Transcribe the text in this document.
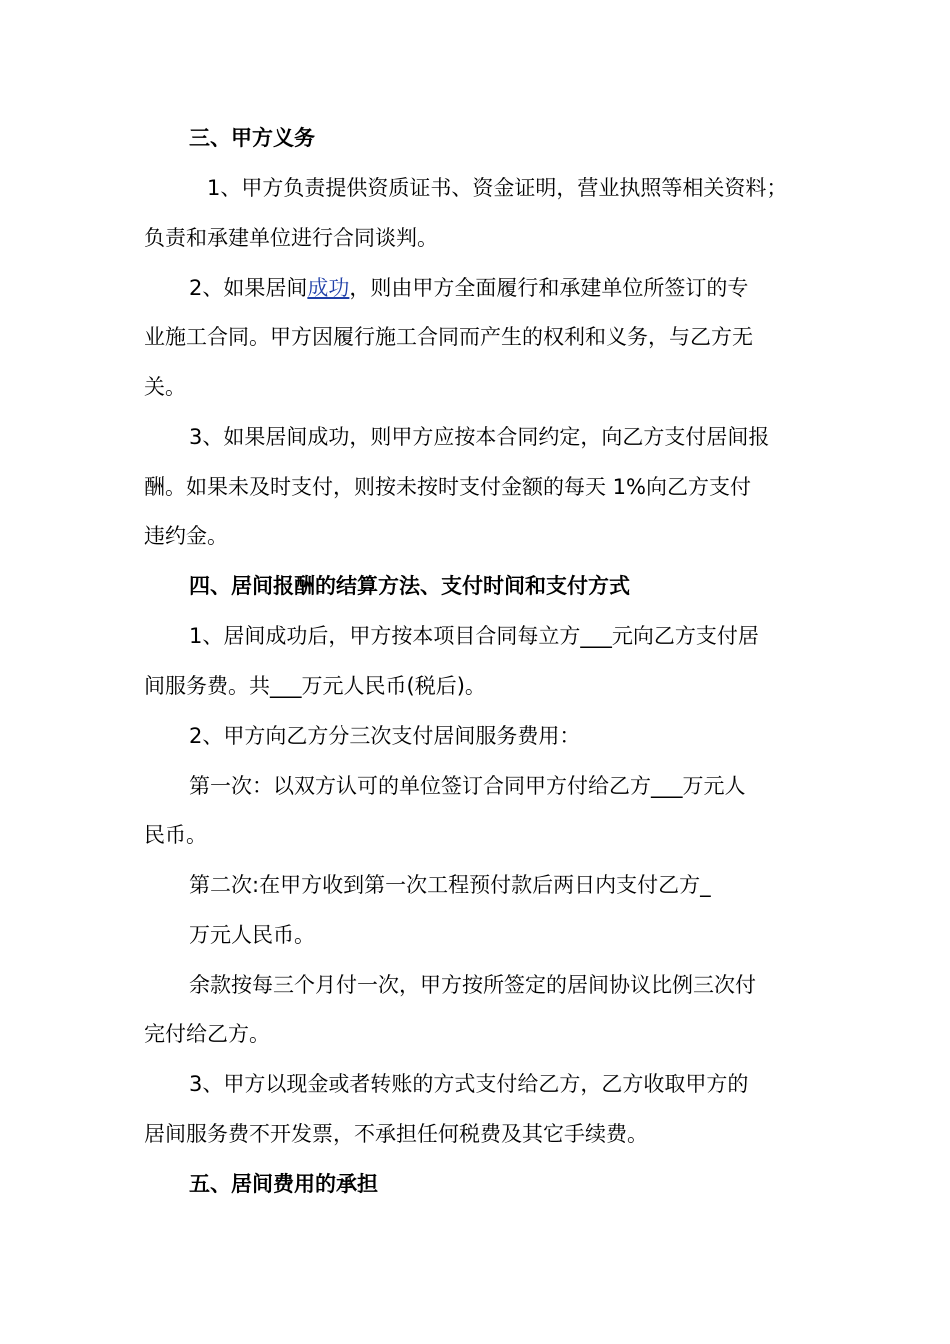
三、甲方义务
1、甲方负责提供资质证书、资金证明，营业执照等相关资料；
负责和承建单位进行合同谈判。
2、如果居间成功，则由甲方全面履行和承建单位所签订的专
业施工合同。甲方因履行施工合同而产生的权利和义务，与乙方无
关。
3、如果居间成功，则甲方应按本合同约定，向乙方支付居间报
酬。如果未及时支付，则按未按时支付金额的每天 1%向乙方支付
违约金。
四、居间报酬的结算方法、支付时间和支付方式
1、居间成功后，甲方按本项目合同每立方___元向乙方支付居
间服务费。共___万元人民币(税后)。
2、甲方向乙方分三次支付居间服务费用：
第一次：以双方认可的单位签订合同甲方付给乙方___万元人
民币。
第二次:在甲方收到第一次工程预付款后两日内支付乙方_
万元人民币。
余款按每三个月付一次，甲方按所签定的居间协议比例三次付
完付给乙方。
3、甲方以现金或者转账的方式支付给乙方，乙方收取甲方的
居间服务费不开发票，不承担任何税费及其它手续费。
五、居间费用的承担
